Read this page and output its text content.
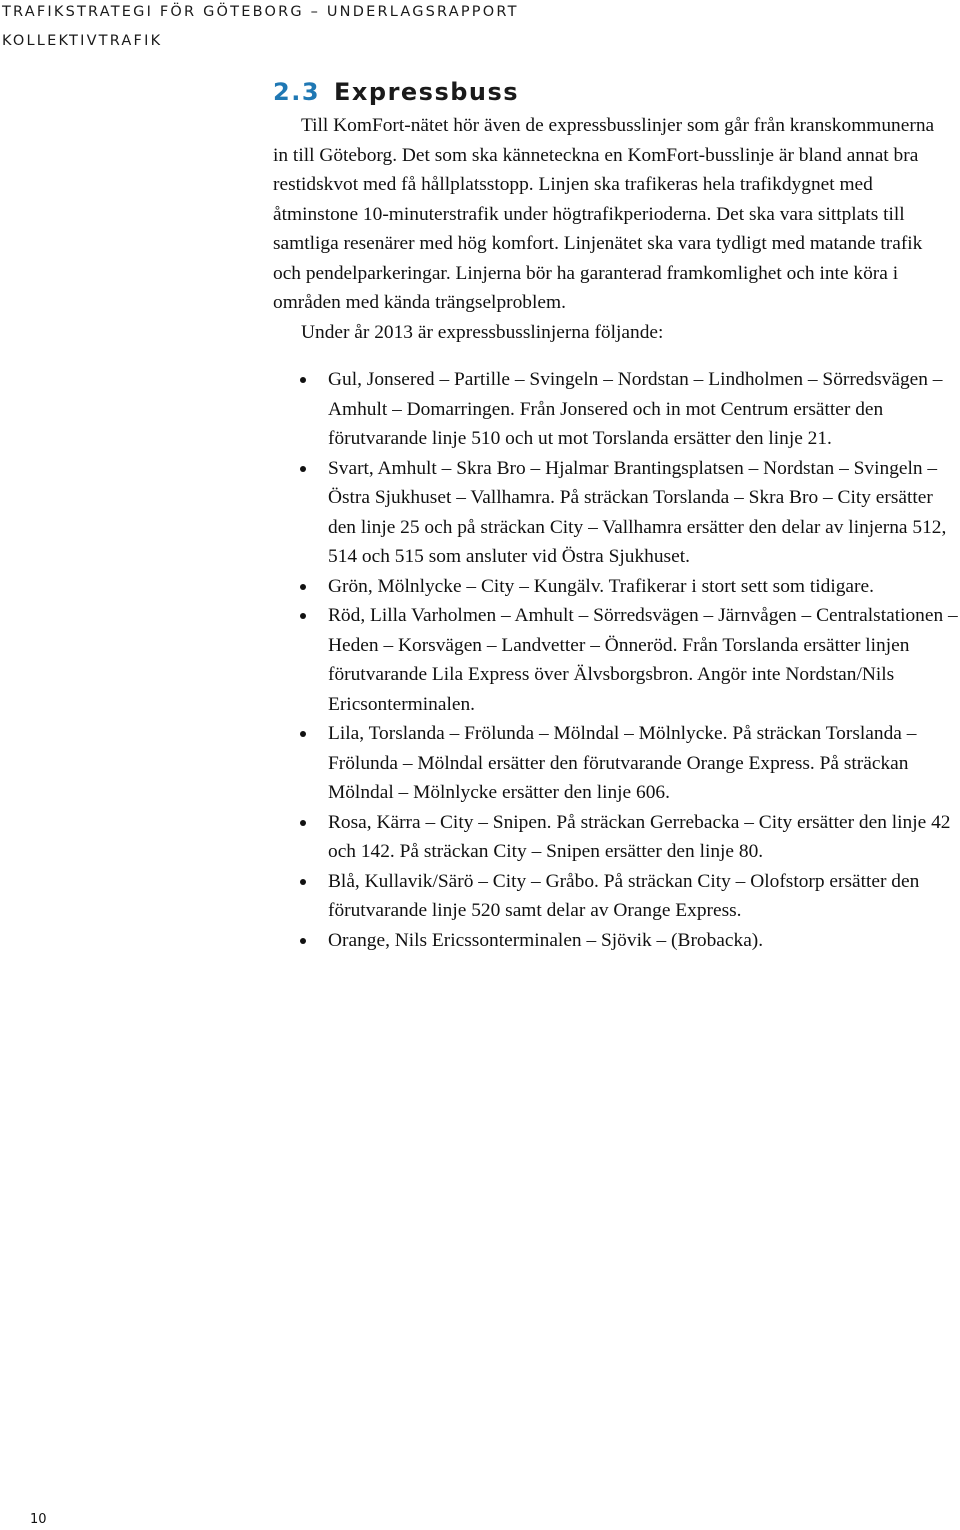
TRAFIKSTRATEGI FÖR GÖTEBORG – UNDERLAGSRAPPORT
KOLLEKTIVTRAFIK
2.3 Expressbuss

Till KomFort-nätet hör även de expressbusslinjer som går från kranskommunerna in till Göteborg. Det som ska känneteckna en KomFort-busslinje är bland annat bra restidskvot med få hållplatsstopp. Linjen ska trafikeras hela trafikdygnet med åtminstone 10-minuterstrafik under högtrafikperioderna. Det ska vara sittplats till samtliga resenärer med hög komfort. Linjenätet ska vara tydligt med matande trafik och pendelparkeringar. Linjerna bör ha garanterad framkomlighet och inte köra i områden med kända trängselproblem.

Under år 2013 är expressbusslinjerna följande:

Gul, Jonsered – Partille – Svingeln – Nordstan – Lindholmen – Sörredsvägen – Amhult – Domarringen. Från Jonsered och in mot Centrum ersätter den förutvarande linje 510 och ut mot Torslanda ersätter den linje 21.
Svart, Amhult – Skra Bro – Hjalmar Brantingsplatsen – Nordstan – Svingeln – Östra Sjukhuset – Vallhamra. På sträckan Torslanda – Skra Bro – City ersätter den linje 25 och på sträckan City – Vallhamra ersätter den delar av linjerna 512, 514 och 515 som ansluter vid Östra Sjukhuset.
Grön, Mölnlycke – City – Kungälv. Trafikerar i stort sett som tidigare.
Röd, Lilla Varholmen – Amhult – Sörredsvägen – Järnvågen – Centralstationen – Heden – Korsvägen – Landvetter – Önneröd. Från Torslanda ersätter linjen förutvarande Lila Express över Älvsborgsbron. Angör inte Nordstan/Nils Ericsonterminalen.
Lila, Torslanda – Frölunda – Mölndal – Mölnlycke. På sträckan Torslanda – Frölunda – Mölndal ersätter den förutvarande Orange Express. På sträckan Mölndal – Mölnlycke ersätter den linje 606.
Rosa, Kärra – City – Snipen. På sträckan Gerrebacka – City ersätter den linje 42 och 142. På sträckan City – Snipen ersätter den linje 80.
Blå, Kullavik/Särö – City – Gråbo. På sträckan City – Olofstorp ersätter den förutvarande linje 520 samt delar av Orange Express.
Orange, Nils Ericssonterminalen – Sjövik – (Brobacka).
10
